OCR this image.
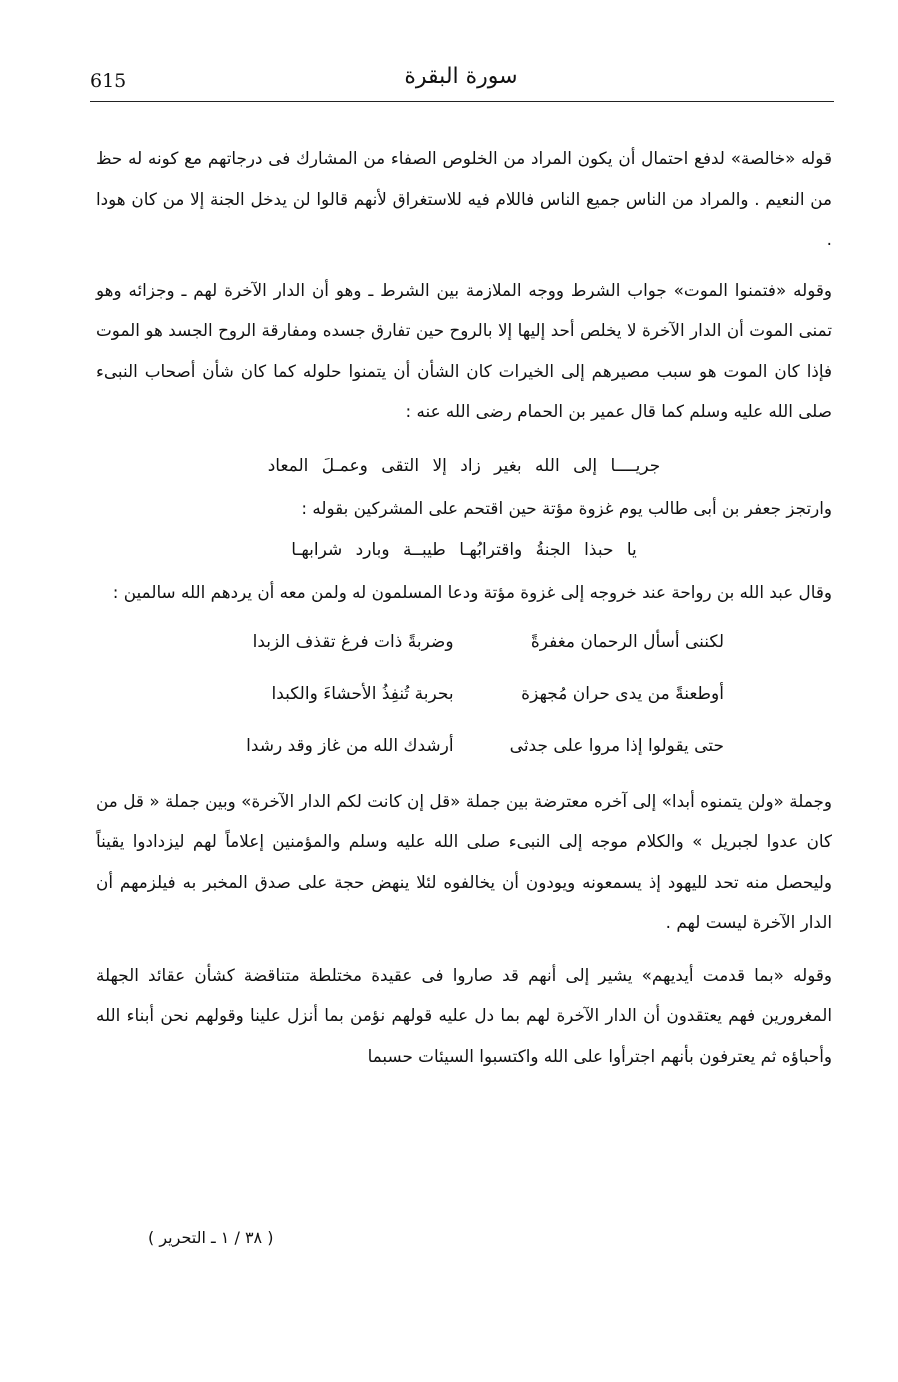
615	سورة البقرة

قوله «خالصة» لدفع احتمال أن يكون المراد من الخلوص الصفاء من المشارك فى درجاتهم مع كونه له حظ من النعيم . والمراد من الناس جميع الناس فاللام فيه للاستغراق لأنهم قالوا لن يدخل الجنة إلا من كان هودا .

وقوله «فتمنوا الموت» جواب الشرط ووجه الملازمة بين الشرط ـ وهو أن الدار الآخرة لهم ـ وجزائه وهو تمنى الموت أن الدار الآخرة لا يخلص أحد إليها إلا بالروح حين تفارق جسده ومفارقة الروح الجسد هو الموت فإذا كان الموت هو سبب مصيرهم إلى الخيرات كان الشأن أن يتمنوا حلوله كما كان شأن أصحاب النبىء صلى الله عليه وسلم كما قال عمير بن الحمام رضى الله عنه :

جريــــا إلى الله بغير زاد إلا التقى وعمـلَ المعاد

وارتجز جعفر بن أبى طالب يوم غزوة مؤتة حين اقتحم على المشركين بقوله :

يا حبذا الجنةُ واقترابُهـا طيبــة وبارد شرابهـا

وقال عبد الله بن رواحة عند خروجه إلى غزوة مؤتة ودعا المسلمون له ولمن معه أن يردهم الله سالمين :

لكننى أسأل الرحمان مغفرةً
وضربةً ذات فرغ تقذف الزبدا
أوطعنةً من يدى حران مُجهزة
بحربة تُنفِذُ الأحشاءَ والكبدا
حتى يقولوا إذا مروا على جدثى
أرشدك الله من غاز وقد رشدا

وجملة «ولن يتمنوه أبدا» إلى آخره معترضة بين جملة «قل إن كانت لكم الدار الآخرة» وبين جملة « قل من كان عدوا لجبريل » والكلام موجه إلى النبىء صلى الله عليه وسلم والمؤمنين إعلاماً لهم ليزدادوا يقيناً وليحصل منه تحد لليهود إذ يسمعونه ويودون أن يخالفوه لئلا ينهض حجة على صدق المخبر به فيلزمهم أن الدار الآخرة ليست لهم .

وقوله «بما قدمت أيديهم» يشير إلى أنهم قد صاروا فى عقيدة مختلطة متناقضة كشأن عقائد الجهلة المغرورين فهم يعتقدون أن الدار الآخرة لهم بما دل عليه قولهم نؤمن بما أنزل علينا وقولهم نحن أبناء الله وأحباؤه ثم يعترفون بأنهم اجترأوا على الله واكتسبوا السيئات حسبما

( ٣٨ / ١ ـ التحرير )
